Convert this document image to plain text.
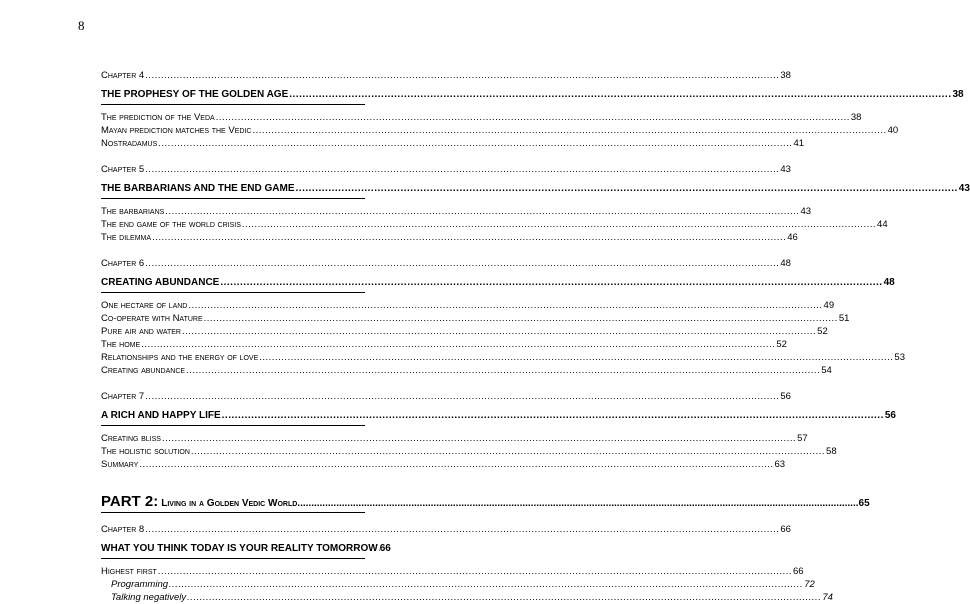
8
Chapter 4 .....	38
THE PROPHESY OF THE GOLDEN AGE .....	38
The prediction of the Veda .....	38
Mayan prediction matches the Vedic .....	40
Nostradamus .....	41
Chapter 5 .....	43
THE BARBARIANS AND THE END GAME .....	43
The barbarians .....	43
The end game of the world crisis .....	44
The dilemma .....	46
Chapter 6 .....	48
CREATING ABUNDANCE .....	48
One hectare of land .....	49
Co-operate with Nature .....	51
Pure air and water .....	52
The home .....	52
Relationships and the energy of love .....	53
Creating abundance .....	54
Chapter 7 .....	56
A RICH AND HAPPY LIFE .....	56
Creating bliss .....	57
The holistic solution .....	58
Summary .....	63
PART 2: Living in a Golden Vedic World .....	65
Chapter 8 .....	66
WHAT YOU THINK TODAY IS YOUR REALITY TOMORROW ..... 66
Highest first .....	66
Programming .....	72
Talking negatively .....	74
